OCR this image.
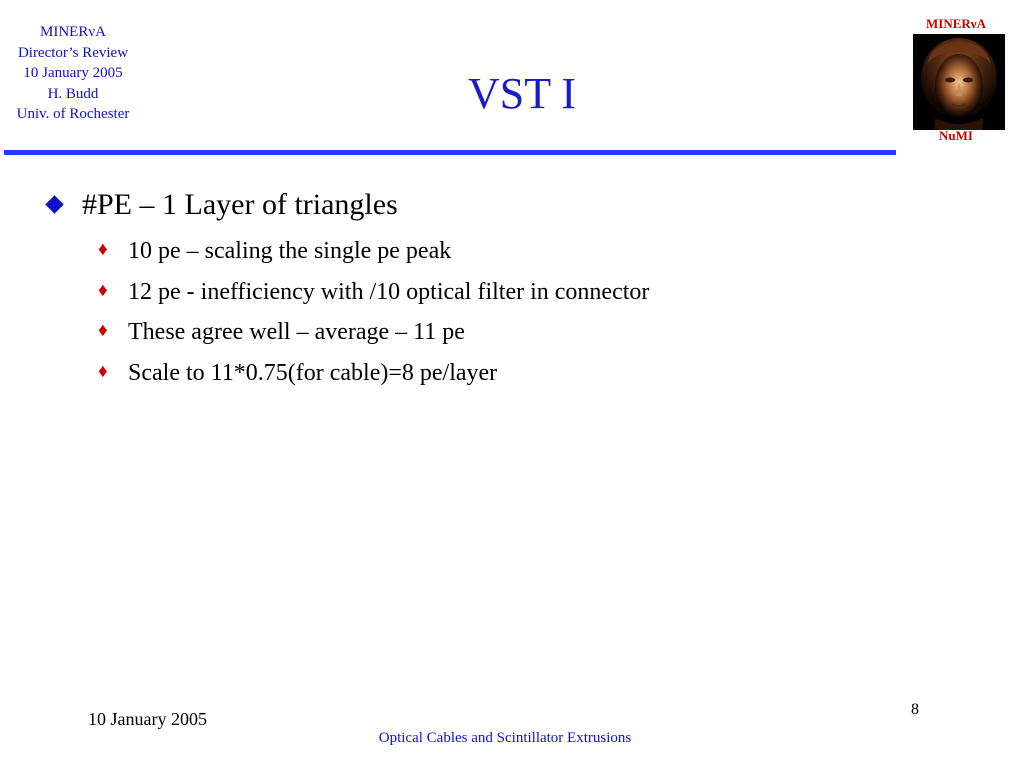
MINERνA
Director’s Review
10 January 2005
H. Budd
Univ. of Rochester	VST I
MINERνA
NuMI
#PE – 1 Layer of triangles
♦ 10 pe – scaling the single pe peak
♦ 12 pe - inefficiency with /10 optical filter in connector
♦ These agree well – average – 11 pe
♦ Scale to 11*0.75(for cable)=8 pe/layer
10 January 2005
Optical Cables and Scintillator Extrusions
8
